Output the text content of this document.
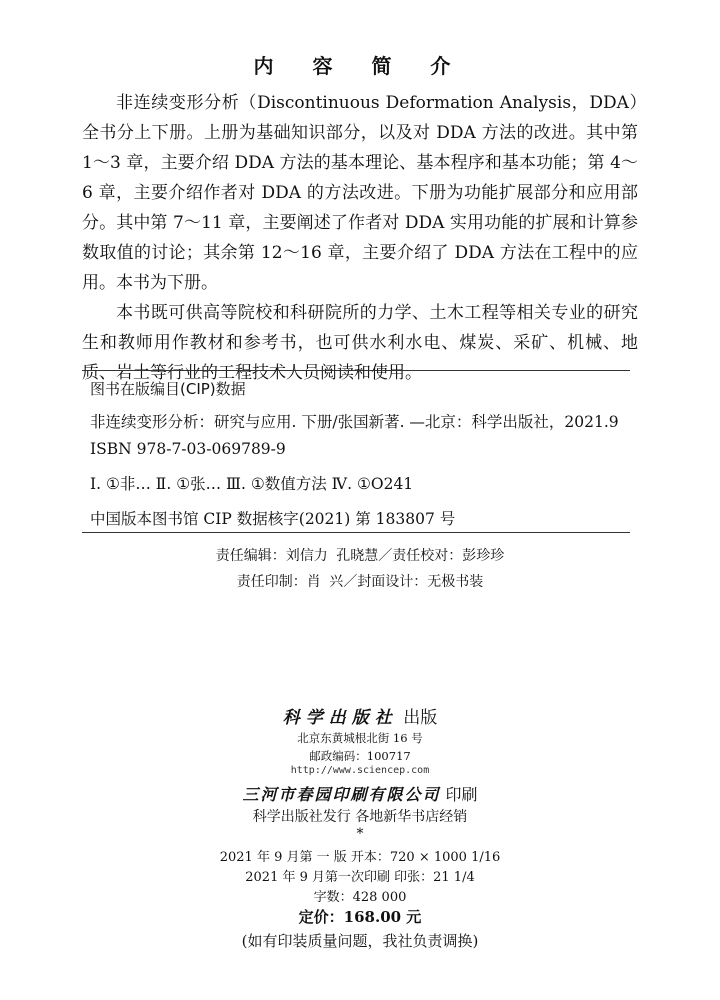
内 容 简 介

非连续变形分析（Discontinuous Deformation Analysis，DDA）全书分上下册。上册为基础知识部分，以及对 DDA 方法的改进。其中第 1～3 章，主要介绍 DDA 方法的基本理论、基本程序和基本功能；第 4～6 章，主要介绍作者对 DDA 的方法改进。下册为功能扩展部分和应用部分。其中第 7～11 章，主要阐述了作者对 DDA 实用功能的扩展和计算参数取值的讨论；其余第 12～16 章，主要介绍了 DDA 方法在工程中的应用。本书为下册。

本书既可供高等院校和科研院所的力学、土木工程等相关专业的研究生和教师用作教材和参考书，也可供水利水电、煤炭、采矿、机械、地质、岩土等行业的工程技术人员阅读和使用。

图书在版编目(CIP)数据
非连续变形分析：研究与应用. 下册/张国新著. —北京：科学出版社，2021.9
ISBN 978-7-03-069789-9
Ⅰ. ①非… Ⅱ. ①张… Ⅲ. ①数值方法 Ⅳ. ①O241
中国版本图书馆 CIP 数据核字(2021) 第 183807 号
责任编辑：刘信力 孔晓慧／责任校对：彭珍珍
责任印制：肖 兴／封面设计：无极书装
科学出版社 出版
北京东黄城根北街 16 号
邮政编码：100717
http://www.sciencep.com
三河市春园印刷有限公司 印刷
科学出版社发行 各地新华书店经销
*
2021 年 9 月第 一 版 开本：720 × 1000 1/16
2021 年 9 月第一次印刷 印张：21 1/4
字数：428 000
定价：168.00 元
(如有印装质量问题，我社负责调换)
